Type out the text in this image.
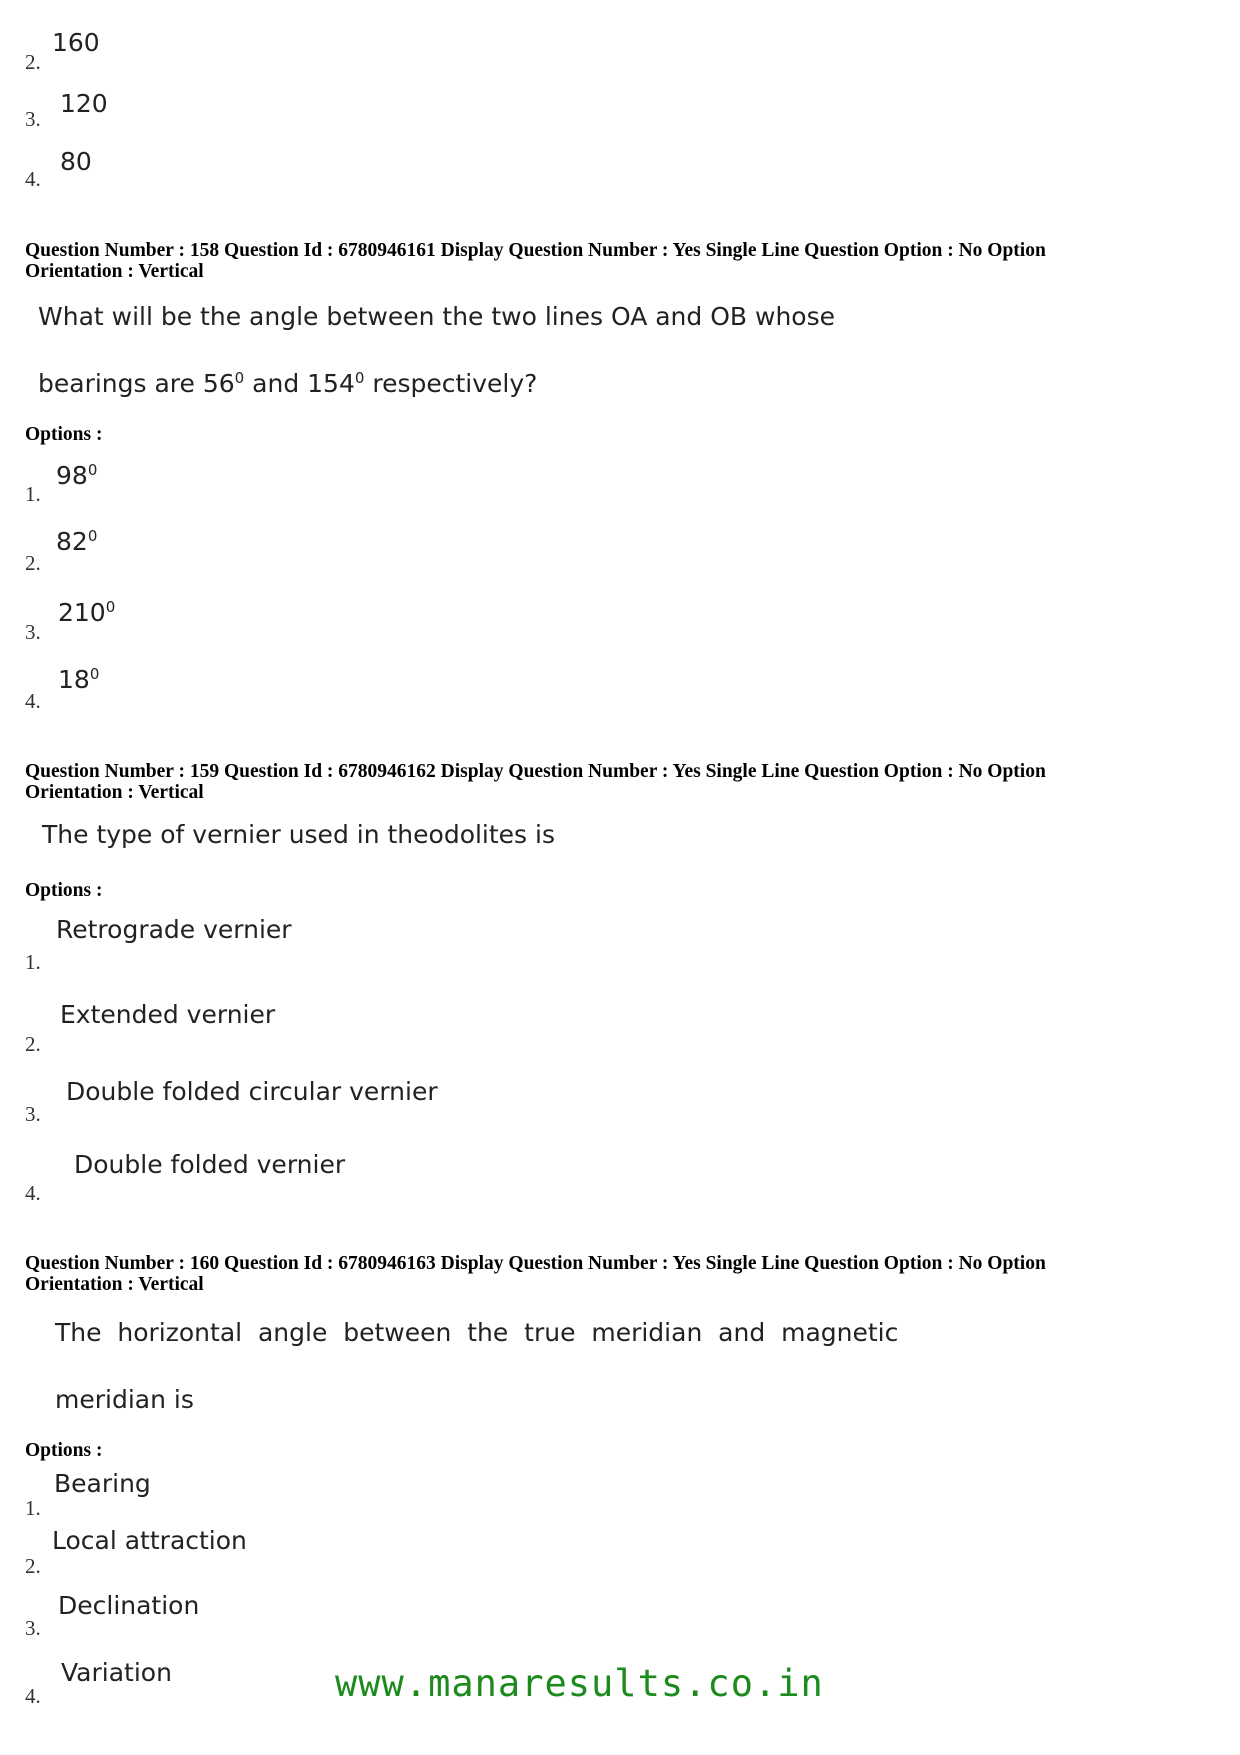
2.
160
3.
120
4.
80
Question Number : 158 Question Id : 6780946161 Display Question Number : Yes Single Line Question Option : No Option
Orientation : Vertical
What will be the angle between the two lines OA and OB whose
bearings are $56^0$ and $154^0$ respectively?
Options :
1.
$98^0$
2.
$82^0$
3.
$210^0$
4.
$18^0$
Question Number : 159 Question Id : 6780946162 Display Question Number : Yes Single Line Question Option : No Option
Orientation : Vertical
The type of vernier used in theodolites is
Options :
1.
Retrograde vernier
2.
Extended vernier
3.
Double folded circular vernier
4.
Double folded vernier
Question Number : 160 Question Id : 6780946163 Display Question Number : Yes Single Line Question Option : No Option
Orientation : Vertical
The  horizontal  angle  between  the  true  meridian  and  magnetic
meridian is
Options :
1.
Bearing
2.
Local attraction
3.
Declination
4.
Variation	www.manaresults.co.in
